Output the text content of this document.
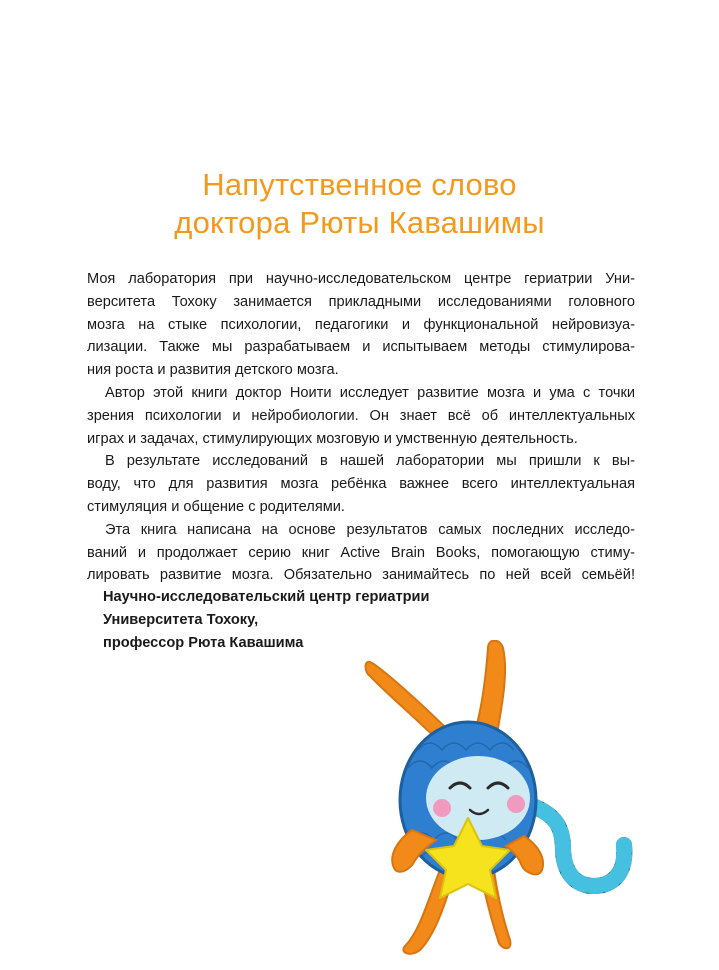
Напутственное слово
доктора Рюты Кавашимы
Моя лаборатория при научно-исследовательском центре гериатрии Уни-
верситета Тохоку занимается прикладными исследованиями головного
мозга на стыке психологии, педагогики и функциональной нейровизуа-
лизации. Также мы разрабатываем и испытываем методы стимулирова-
ния роста и развития детского мозга.
Автор этой книги доктор Ноити исследует развитие мозга и ума с точки
зрения психологии и нейробиологии. Он знает всё об интеллектуальных
играх и задачах, стимулирующих мозговую и умственную деятельность.
В результате исследований в нашей лаборатории мы пришли к вы-
воду, что для развития мозга ребёнка важнее всего интеллектуальная
стимуляция и общение с родителями.
Эта книга написана на основе результатов самых последних исследо-
ваний и продолжает серию книг Active Brain Books, помогающую стиму-
лировать развитие мозга. Обязательно занимайтесь по ней всей семьёй!
Научно-исследовательский центр гериатрии
Университета Тохоку,
профессор Рюта Кавашима
